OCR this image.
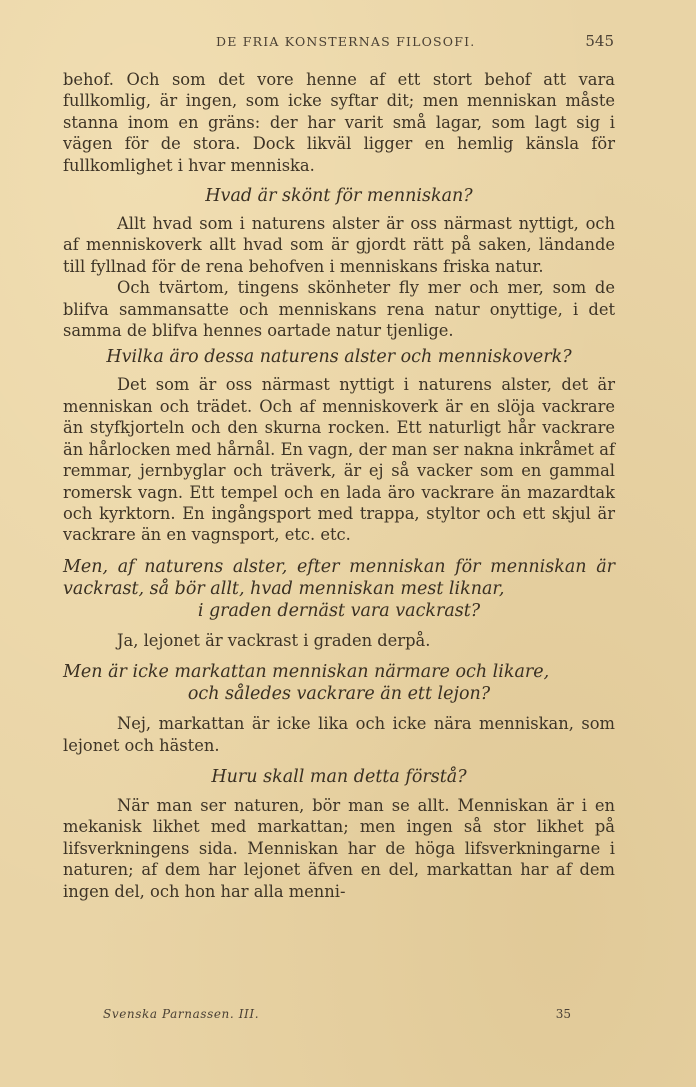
DE FRIA KONSTERNAS FILOSOFI.	545

behof. Och som det vore henne af ett stort behof att vara fullkomlig, är ingen, som icke syftar dit; men menniskan måste stanna inom en gräns: der har varit små lagar, som lagt sig i vägen för de stora. Dock likväl ligger en hemlig känsla för fullkomlighet i hvar menniska.

Hvad är skönt för menniskan?

Allt hvad som i naturens alster är oss närmast nyttigt, och af menniskoverk allt hvad som är gjordt rätt på saken, ländande till fyllnad för de rena behofven i menniskans friska natur.

Och tvärtom, tingens skönheter fly mer och mer, som de blifva sammansatte och menniskans rena natur onyttige, i det samma de blifva hennes oartade natur tjenlige.

Hvilka äro dessa naturens alster och menniskoverk?

Det som är oss närmast nyttigt i naturens alster, det är menniskan och trädet. Och af menniskoverk är en slöja vackrare än styfkjorteln och den skurna rocken. Ett naturligt hår vackrare än hårlocken med hårnål. En vagn, der man ser nakna inkråmet af remmar, jernbyglar och träverk, är ej så vacker som en gammal romersk vagn. Ett tempel och en lada äro vackrare än mazardtak och kyrktorn. En ingångsport med trappa, styltor och ett skjul är vackrare än en vagnsport, etc. etc.

Men, af naturens alster, efter menniskan för menniskan är vackrast, så bör allt, hvad menniskan mest liknar,
i graden dernäst vara vackrast?

Ja, lejonet är vackrast i graden derpå.

Men är icke markattan menniskan närmare och likare,
och således vackrare än ett lejon?

Nej, markattan är icke lika och icke nära menniskan, som lejonet och hästen.

Huru skall man detta förstå?

När man ser naturen, bör man se allt. Menniskan är i en mekanisk likhet med markattan; men ingen så stor likhet på lifsverkningens sida. Menniskan har de höga lifsverkningarne i naturen; af dem har lejonet äfven en del, markattan har af dem ingen del, och hon har alla menni-

Svenska Parnassen. III.	35
